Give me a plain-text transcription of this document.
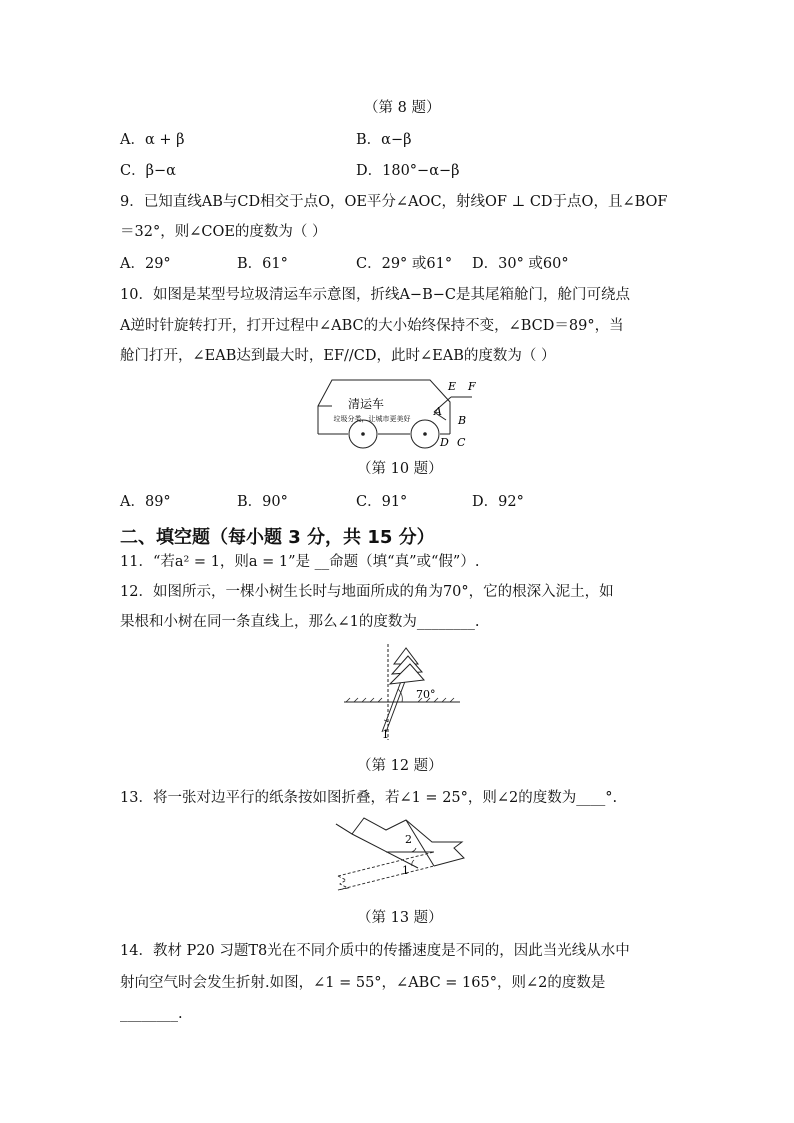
（第 8 题）
A．α + β	B．α−β
C．β−α	D．180°−α−β
9．已知直线AB与CD相交于点O，OE平分∠AOC，射线OF ⊥ CD于点O，且∠BOF
＝32°，则∠COE的度数为（ ）
A．29°	B．61°	C．29° 或61° D．30° 或60°
10．如图是某型号垃圾清运车示意图，折线A−B−C是其尾箱舱门，舱门可绕点
A逆时针旋转打开，打开过程中∠ABC的大小始终保持不变，∠BCD＝89°，当
舱门打开，∠EAB达到最大时，EF//CD，此时∠EAB的度数为（ ）
清运车
垃圾分类，让城市更美好
E F
A
B
D C
（第 10 题）
A．89°	B．90°	C．91°	D．92°
二、填空题（每小题 3 分，共 15 分）
11．“若a² = 1，则a = 1”是 __命题（填“真”或“假”）.
12．如图所示，一棵小树生长时与地面所成的角为70°，它的根深入泥土，如
果根和小树在同一条直线上，那么∠1的度数为________.
70°
1
（第 12 题）
13．将一张对边平行的纸条按如图折叠，若∠1 = 25°，则∠2的度数为____°.
2
1
（第 13 题）
14．教材 P20 习题T8光在不同介质中的传播速度是不同的，因此当光线从水中
射向空气时会发生折射.如图，∠1 = 55°，∠ABC = 165°，则∠2的度数是
________.
